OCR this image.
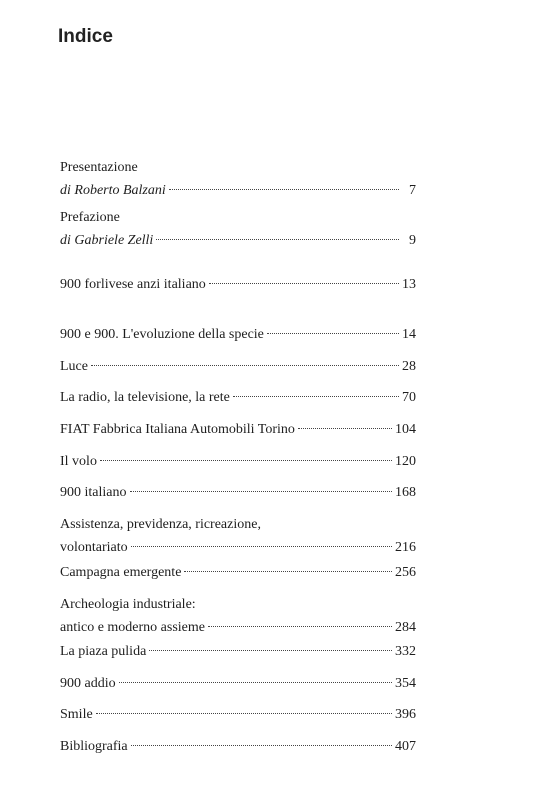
Indice
Presentazione
di Roberto Balzani	7
Prefazione
di Gabriele Zelli	9
900 forlivese anzi italiano	13
900 e 900. L'evoluzione della specie	14
Luce	28
La radio, la televisione, la rete	70
FIAT Fabbrica Italiana Automobili Torino	104
Il volo	120
900 italiano	168
Assistenza, previdenza, ricreazione,
volontariato	216
Campagna emergente	256
Archeologia industriale:
antico e moderno assieme	284
La piaza pulida	332
900 addio	354
Smile	396
Bibliografia	407
